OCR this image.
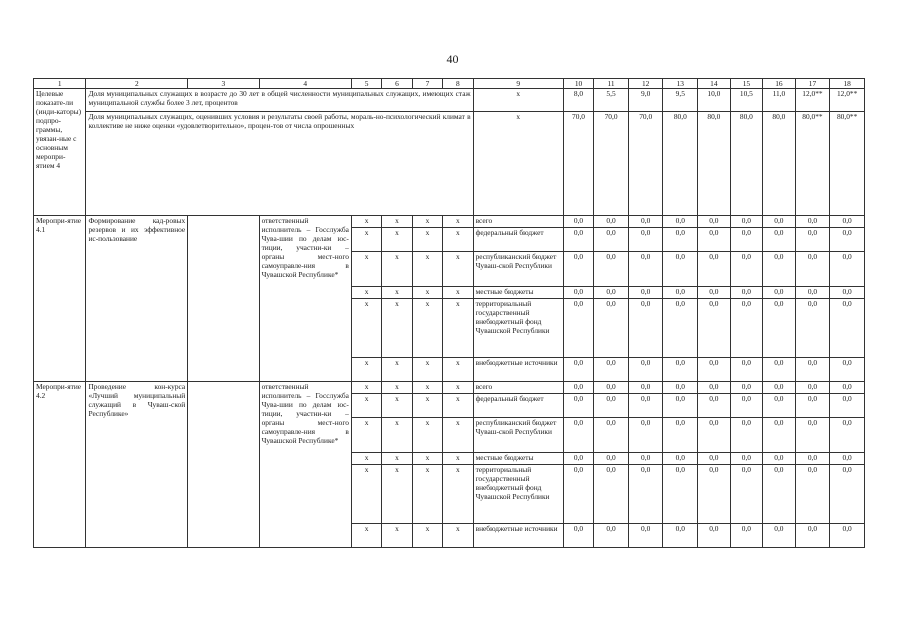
40
1	2	3	4	5	6	7	8	9	10	11	12	13	14	15	16	17	18
Целевые показате-ли (инди-каторы) подпро-граммы, увязан-ные с основным меропри-ятием 4	Доля муниципальных служащих в возрасте до 30 лет в общей численности муниципальных служащих, имеющих стаж муниципальной службы более 3 лет, процентов							х	8,0	5,5	9,0	9,5	10,0	10,5	11,0	12,0**	12,0**
	Доля муниципальных служащих, оценивших условия и результаты своей работы, мораль-но-психологический климат в коллективе не ниже оценки «удовлетворительно», процен-тов от числа опрошенных							х	70,0	70,0	70,0	80,0	80,0	80,0	80,0	80,0**	80,0**
Меропри-ятие 4.1	Формирование кад-ровых резервов и их эффективное ис-пользование		ответственный исполнитель – Госслужба Чува-шии по делам юс-тиции, участни-ки – органы мест-ного самоуправле-ния в Чувашской Республике*	х	х	х	х	всего	0,0	0,0	0,0	0,0	0,0	0,0	0,0	0,0	0,0
				х	х	х	х	федеральный бюджет	0,0	0,0	0,0	0,0	0,0	0,0	0,0	0,0	0,0
				х	х	х	х	республиканский бюджет Чуваш-ской Республики	0,0	0,0	0,0	0,0	0,0	0,0	0,0	0,0	0,0
				х	х	х	х	местные бюджеты	0,0	0,0	0,0	0,0	0,0	0,0	0,0	0,0	0,0
				х	х	х	х	территориальный государственный внебюджетный фонд Чувашской Республики	0,0	0,0	0,0	0,0	0,0	0,0	0,0	0,0	0,0
				х	х	х	х	внебюджетные источники	0,0	0,0	0,0	0,0	0,0	0,0	0,0	0,0	0,0
Меропри-ятие 4.2	Проведение кон-курса «Лучший муниципальный служащий в Чуваш-ской Республике»		ответственный исполнитель – Госслужба Чува-шии по делам юс-тиции, участни-ки – органы мест-ного самоуправле-ния в Чувашской Республике*	х	х	х	х	всего	0,0	0,0	0,0	0,0	0,0	0,0	0,0	0,0	0,0
				х	х	х	х	федеральный бюджет	0,0	0,0	0,0	0,0	0,0	0,0	0,0	0,0	0,0
				х	х	х	х	республиканский бюджет Чуваш-ской Республики	0,0	0,0	0,0	0,0	0,0	0,0	0,0	0,0	0,0
				х	х	х	х	местные бюджеты	0,0	0,0	0,0	0,0	0,0	0,0	0,0	0,0	0,0
				х	х	х	х	территориальный государственный внебюджетный фонд Чувашской Республики	0,0	0,0	0,0	0,0	0,0	0,0	0,0	0,0	0,0
				х	х	х	х	внебюджетные источники	0,0	0,0	0,0	0,0	0,0	0,0	0,0	0,0	0,0
